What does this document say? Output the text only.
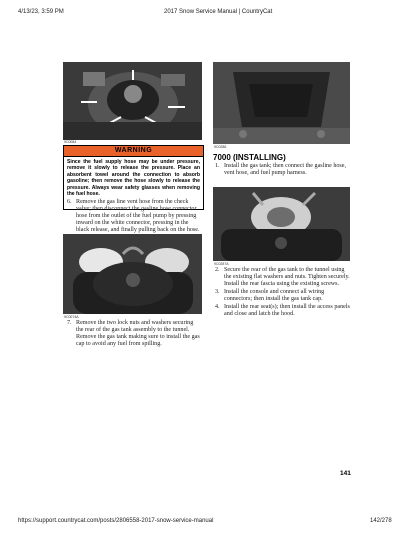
4/13/23, 3:59 PM	2017 Snow Service Manual | CountryCat
9C0084
WARNING
Since the fuel supply hose may be under pressure, remove it slowly to release the pressure. Place an absorbent towel around the connection to absorb gasoline; then remove the hose slowly to release the pressure. Always wear safety glasses when removing the fuel hose.
6. Remove the gas line vent hose from the check valve; then disconnect the gasline hose connector hose from the outlet of the fuel pump by pressing inward on the white connector, pressing in the black release, and finally pulling back on the hose.
9C0074A
7. Remove the two lock nuts and washers securing the rear of the gas tank assembly to the tunnel. Remove the gas tank making sure to install the gas cap to avoid any fuel from spilling.
9C0286
7000 (INSTALLING)
1. Install the gas tank; then connect the gasline hose, vent hose, and fuel pump harness.
9C0287A
2. Secure the rear of the gas tank to the tunnel using the existing flat washers and nuts. Tighten securely. Install the rear fascia using the existing screws.
3. Install the console and connect all wiring connectors; then install the gas tank cap.
4. Install the rear seat(s); then install the access panels and close and latch the hood.
141
https://support.countrycat.com/posts/2806558-2017-snow-service-manual	142/278
